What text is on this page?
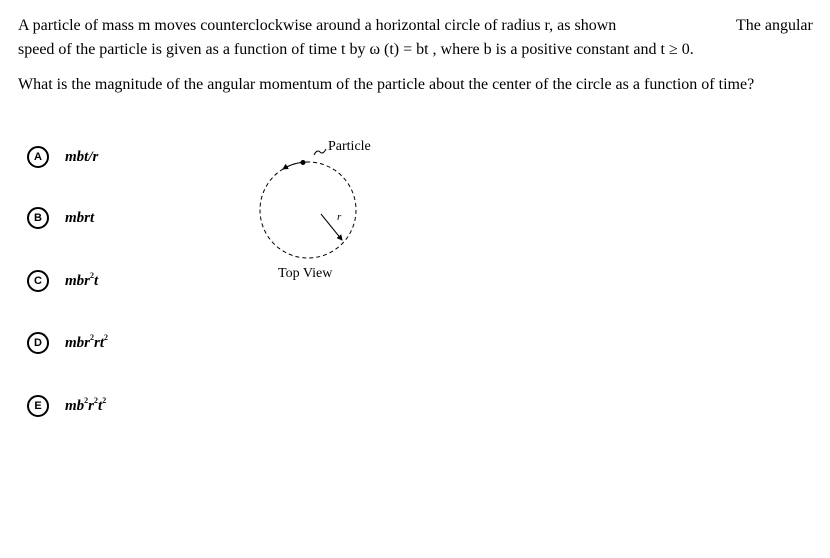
A particle of mass m moves counterclockwise around a horizontal circle of radius r, as shown	The angular
speed of the particle is given as a function of time t by ω (t) = bt , where b is a positive constant and t ≥ 0.
What is the magnitude of the angular momentum of the particle about the center of the circle as a function of time?
A	mbt/r
B	mbrt
C	mbr$^2$t
D	$mbr^2rt^2$
E	$mb^2r^2t^2$
Particle
r
Top View
